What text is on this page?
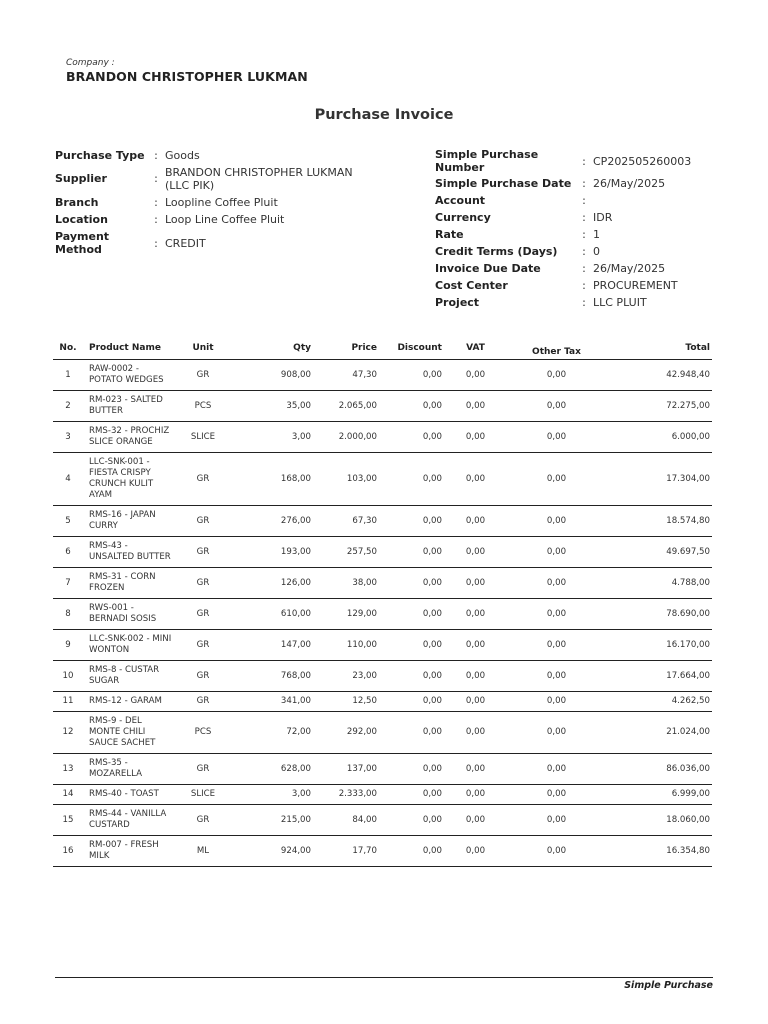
Company :
BRANDON CHRISTOPHER LUKMAN
Purchase Invoice
Purchase Type : Goods
Supplier	: BRANDON CHRISTOPHER LUKMAN (LLC PIK)
Branch	: Loopline Coffee Pluit
Location	: Loop Line Coffee Pluit
Payment Method	: CREDIT
Simple Purchase Number	: CP202505260003
Simple Purchase Date : 26/May/2025
Account	:
Currency	: IDR
Rate	: 1
Credit Terms (Days)	: 0
Invoice Due Date	: 26/May/2025
Cost Center	: PROCUREMENT
Project	: LLC PLUIT
No.	Product Name	Unit	Qty	Price	Discount	VAT	Other Tax	Total
1	RAW-0002 - POTATO WEDGES	GR	908,00	47,30	0,00	0,00	0,00	42.948,40
2	RM-023 - SALTED BUTTER	PCS	35,00	2.065,00	0,00	0,00	0,00	72.275,00
3	RMS-32 - PROCHIZ SLICE ORANGE	SLICE	3,00	2.000,00	0,00	0,00	0,00	6.000,00
4	LLC-SNK-001 - FIESTA CRISPY CRUNCH KULIT AYAM	GR	168,00	103,00	0,00	0,00	0,00	17.304,00
5	RMS-16 - JAPAN CURRY	GR	276,00	67,30	0,00	0,00	0,00	18.574,80
6	RMS-43 - UNSALTED BUTTER	GR	193,00	257,50	0,00	0,00	0,00	49.697,50
7	RMS-31 - CORN FROZEN	GR	126,00	38,00	0,00	0,00	0,00	4.788,00
8	RWS-001 - BERNADI SOSIS	GR	610,00	129,00	0,00	0,00	0,00	78.690,00
9	LLC-SNK-002 - MINI WONTON	GR	147,00	110,00	0,00	0,00	0,00	16.170,00
10	RMS-8 - CUSTAR SUGAR	GR	768,00	23,00	0,00	0,00	0,00	17.664,00
11	RMS-12 - GARAM	GR	341,00	12,50	0,00	0,00	0,00	4.262,50
12	RMS-9 - DEL MONTE CHILI SAUCE SACHET	PCS	72,00	292,00	0,00	0,00	0,00	21.024,00
13	RMS-35 - MOZARELLA	GR	628,00	137,00	0,00	0,00	0,00	86.036,00
14	RMS-40 - TOAST	SLICE	3,00	2.333,00	0,00	0,00	0,00	6.999,00
15	RMS-44 - VANILLA CUSTARD	GR	215,00	84,00	0,00	0,00	0,00	18.060,00
16	RM-007 - FRESH MILK	ML	924,00	17,70	0,00	0,00	0,00	16.354,80
Simple Purchase
